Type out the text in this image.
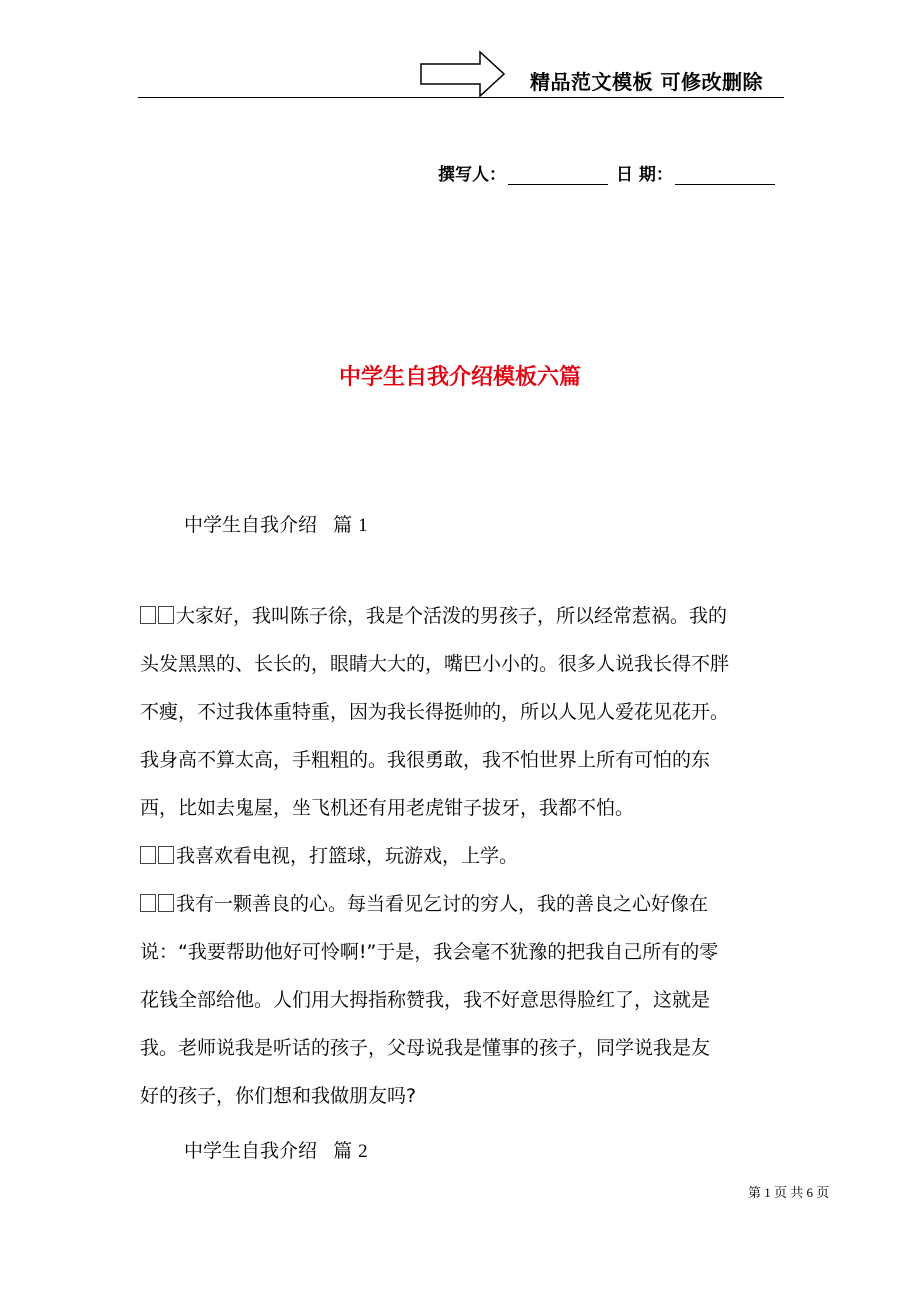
精品范文模板 可修改删除
撰写人：	日 期：
中学生自我介绍模板六篇
中学生自我介绍 篇 1
大家好，我叫陈子徐，我是个活泼的男孩子，所以经常惹祸。我的
头发黑黑的、长长的，眼睛大大的，嘴巴小小的。很多人说我长得不胖
不瘦，不过我体重特重，因为我长得挺帅的，所以人见人爱花见花开。
我身高不算太高，手粗粗的。我很勇敢，我不怕世界上所有可怕的东
西，比如去鬼屋，坐飞机还有用老虎钳子拔牙，我都不怕。
我喜欢看电视，打篮球，玩游戏，上学。
我有一颗善良的心。每当看见乞讨的穷人，我的善良之心好像在
说：“我要帮助他好可怜啊!”于是，我会毫不犹豫的把我自己所有的零
花钱全部给他。人们用大拇指称赞我，我不好意思得脸红了，这就是
我。老师说我是听话的孩子，父母说我是懂事的孩子，同学说我是友
好的孩子，你们想和我做朋友吗?
中学生自我介绍 篇 2
第 1 页 共 6 页
